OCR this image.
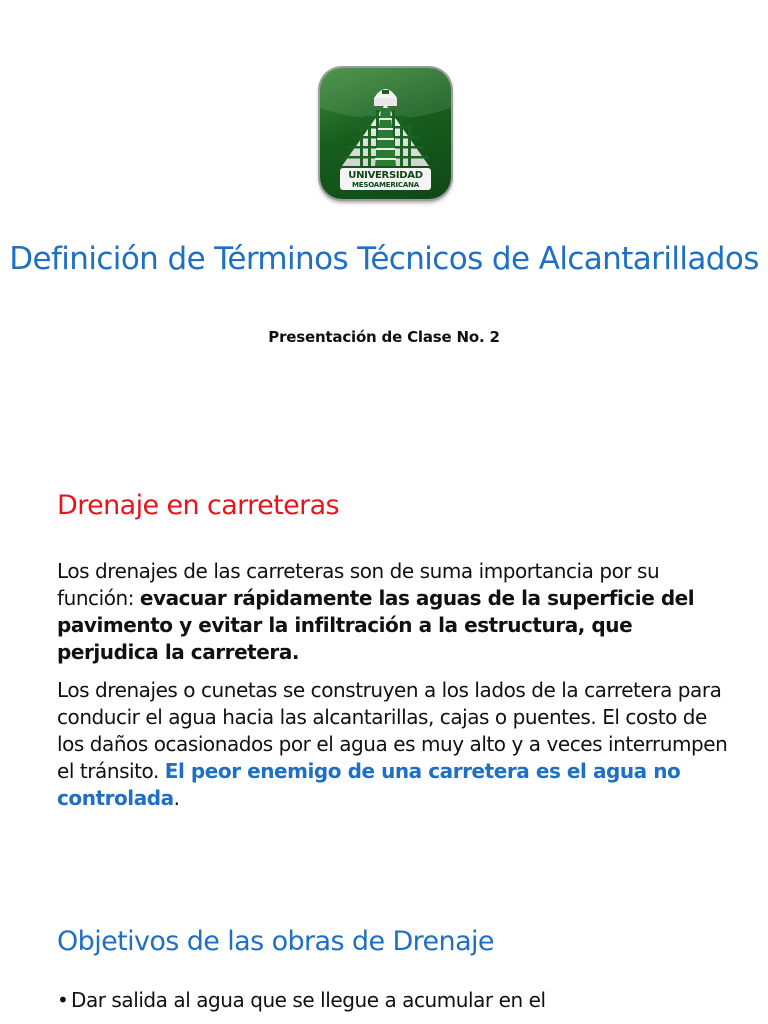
UNIVERSIDAD
MESOAMERICANA
Definición de Términos Técnicos de Alcantarillados
Presentación de Clase No. 2
Drenaje en carreteras

Los drenajes de las carreteras son de suma importancia por su función: evacuar rápidamente las aguas de la superficie del pavimento y evitar la infiltración a la estructura, que perjudica la carretera.

Los drenajes o cunetas se construyen a los lados de la carretera para conducir el agua hacia las alcantarillas, cajas o puentes. El costo de los daños ocasionados por el agua es muy alto y a veces interrumpen el tránsito. El peor enemigo de una carretera es el agua no controlada.

Objetivos de las obras de Drenaje
• Dar salida al agua que se llegue a acumular en el
